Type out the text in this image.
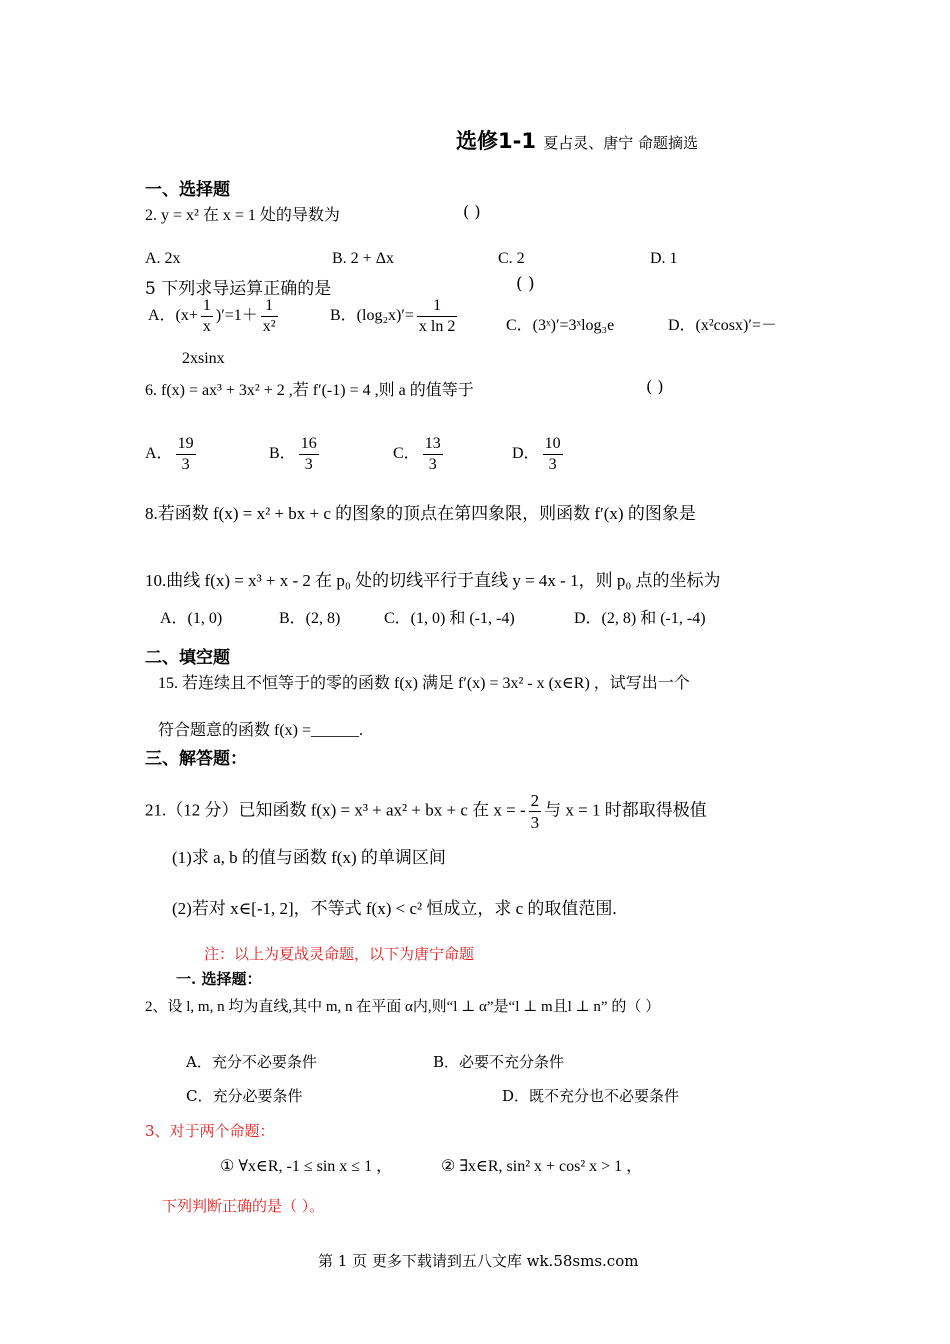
选修1-1 夏占灵、唐宁 命题摘选
一、选择题
2. y = x² 在 x = 1 处的导数为	( )
A. 2x	B. 2 + Δx	C. 2	D. 1
5 下列求导运算正确的是	( )
A．$(x+ \frac{1}{x} )'=1+ \frac{1}{\text{x²}}$	B．$(\log_2x)'= \frac{1}{\text{x ln 2}}$	C．(3ˣ)′=3ˣlog₃e	D．(x²cosx)′=－
2xsinx
6. f(x) = ax³ + 3x² + 2 ,若 f′(-1) = 4 ,则 a 的值等于	( )
A． $\frac{19}{3}$	B． $\frac{16}{3}$	C． $\frac{13}{3}$	D． $\frac{10}{3}$
8.若函数 f(x) = x² + bx + c 的图象的顶点在第四象限，则函数 f′(x) 的图象是
10.曲线 f(x) = x³ + x - 2 在 p₀ 处的切线平行于直线 y = 4x - 1，则 p₀ 点的坐标为
A．(1, 0)	B．(2, 8)	C．(1, 0) 和 (-1, -4)	D．(2, 8) 和 (-1, -4)
二、填空题
15. 若连续且不恒等于的零的函数 f(x) 满足 f′(x) = 3x² - x (x∈R) ，试写出一个
符合题意的函数 f(x) =______.
三、解答题：
21.（12 分）已知函数 f(x) = x³ + ax² + bx + c 在 x = - $\frac{2}{3}$ 与 x = 1 时都取得极值
(1)求 a, b 的值与函数 f(x) 的单调区间
(2)若对 x∈[-1, 2]，不等式 f(x) < c² 恒成立，求 c 的取值范围.
注：以上为夏战灵命题，以下为唐宁命题
一. 选择题：
2、设 l, m, n 均为直线,其中 m, n 在平面 α内,则“l ⊥ α”是“l ⊥ m且l ⊥ n” 的（ ）
A．充分不必要条件	B．必要不充分条件
C．充分必要条件	D．既不充分也不必要条件
3、对于两个命题：
① ∀x∈R, -1 ≤ sin x ≤ 1 ，	② ∃x∈R, sin² x + cos² x > 1 ，
下列判断正确的是（ ）。
第 1 页 更多下载请到五八文库 wk.58sms.com
